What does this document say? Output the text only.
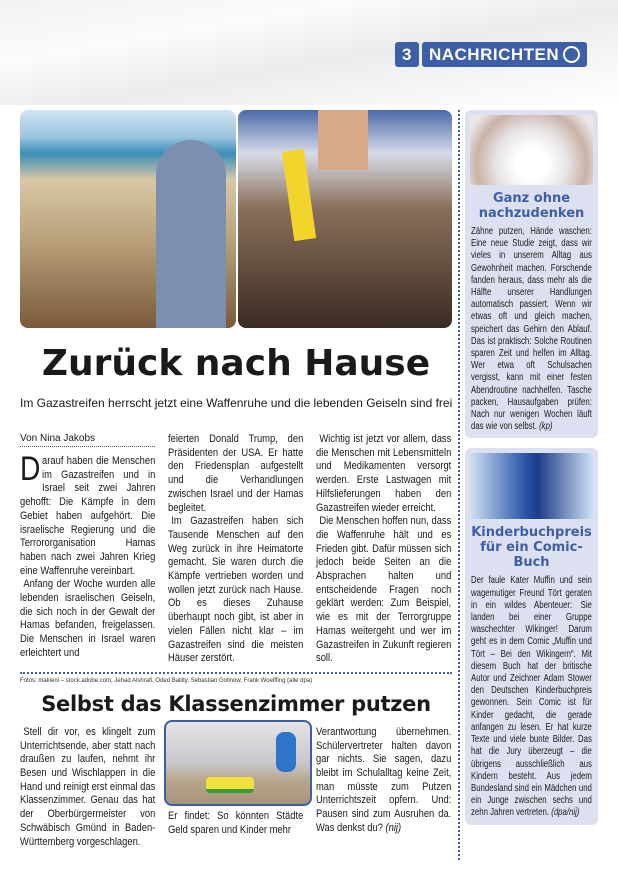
3	NACHRICHTEN
Zurück nach Hause
Im Gazastreifen herrscht jetzt eine Waffenruhe und die lebenden Geiseln sind frei
Von Nina Jakobs

Darauf haben die Menschen im Gazastreifen und in Israel seit zwei Jahren gehofft: Die Kämpfe in dem Gebiet haben aufgehört. Die israelische Regierung und die Terrororganisation Hamas haben nach zwei Jahren Krieg eine Waffenruhe vereinbart.

Anfang der Woche wurden alle lebenden israelischen Geiseln, die sich noch in der Gewalt der Hamas befanden, freigelassen. Die Menschen in Israel waren erleichtert und

feierten Donald Trump, den Präsidenten der USA. Er hatte den Friedensplan aufgestellt und die Verhandlungen zwischen Israel und der Hamas begleitet.

Im Gazastreifen haben sich Tausende Menschen auf den Weg zurück in ihre Heimatorte gemacht. Sie waren durch die Kämpfe vertrieben worden und wollen jetzt zurück nach Hause. Ob es dieses Zuhause überhaupt noch gibt, ist aber in vielen Fällen nicht klar – im Gazastreifen sind die meisten Häuser zerstört.

Wichtig ist jetzt vor allem, dass die Menschen mit Lebensmitteln und Medikamenten versorgt werden. Erste Lastwagen mit Hilfslieferungen haben den Gazastreifen wieder erreicht.

Die Menschen hoffen nun, dass die Waffenruhe hält und es Frieden gibt. Dafür müssen sich jedoch beide Seiten an die Absprachen halten und entscheidende Fragen noch geklärt werden: Zum Beispiel, wie es mit der Terrorgruppe Hamas weitergeht und wer im Gazastreifen in Zukunft regieren soll.

Fotos: makieni – stock.adobe.com; Jehad Alshrafi, Oded Balilty, Sebastian Gollnow, Frank Woelffing (alle dpa)
Selbst das Klassenzimmer putzen

Stell dir vor, es klingelt zum Unterrichtsende, aber statt nach draußen zu laufen, nehmt ihr Besen und Wischlappen in die Hand und reinigt erst einmal das Klassenzimmer. Genau das hat der Oberbürgermeister von Schwäbisch Gmünd in Baden-Württemberg vorgeschlagen.

Er findet: So könnten Städte Geld sparen und Kinder mehr

Verantwortung übernehmen. Schülervertreter halten davon gar nichts. Sie sagen, dazu bleibt im Schulalltag keine Zeit, man müsste zum Putzen Unterrichtszeit opfern. Und: Pausen sind zum Ausruhen da. Was denkst du? (nij)

Ganz ohne nachzudenken
Zähne putzen, Hände waschen: Eine neue Studie zeigt, dass wir vieles in unserem Alltag aus Gewohnheit machen. Forschende fanden heraus, dass mehr als die Hälfte unserer Handlungen automatisch passiert. Wenn wir etwas oft und gleich machen, speichert das Gehirn den Ablauf. Das ist praktisch: Solche Routinen sparen Zeit und helfen im Alltag. Wer etwa oft Schulsachen vergisst, kann mit einer festen Abendroutine nachhelfen. Tasche packen, Hausaufgaben prüfen: Nach nur wenigen Wochen läuft das wie von selbst. (kp)
Kinderbuchpreis für ein Comic-Buch
Der faule Kater Muffin und sein wagemutiger Freund Tört geraten in ein wildes Abenteuer: Sie landen bei einer Gruppe waschechter Wikinger! Darum geht es in dem Comic „Muffin und Tört – Bei den Wikingern“. Mit diesem Buch hat der britische Autor und Zeichner Adam Stower den Deutschen Kinderbuchpreis gewonnen. Sein Comic ist für Kinder gedacht, die gerade anfangen zu lesen. Er hat kurze Texte und viele bunte Bilder. Das hat die Jury überzeugt – die übrigens ausschließlich aus Kindern besteht. Aus jedem Bundesland sind ein Mädchen und ein Junge zwischen sechs und zehn Jahren vertreten. (dpa/nij)
